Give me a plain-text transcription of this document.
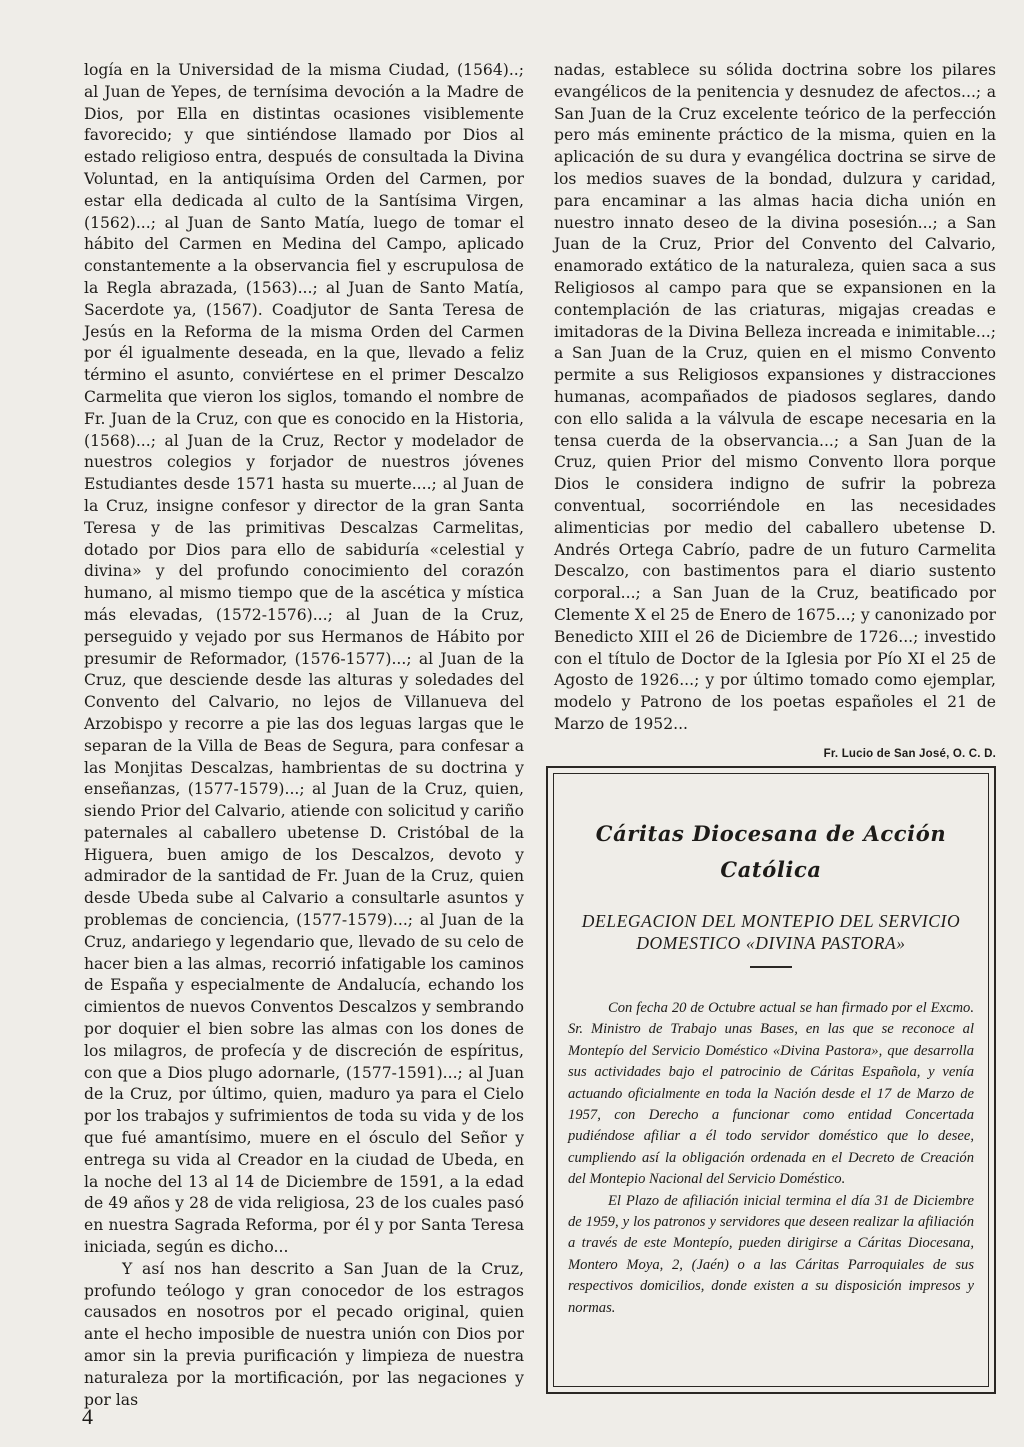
logía en la Universidad de la misma Ciudad, (1564)..; al Juan de Yepes, de ternísima devoción a la Madre de Dios, por Ella en distintas ocasiones visiblemente favorecido; y que sintiéndose llamado por Dios al estado religioso entra, después de consultada la Divina Voluntad, en la antiquísima Orden del Carmen, por estar ella dedicada al culto de la Santísima Virgen, (1562)...; al Juan de Santo Matía, luego de tomar el hábito del Carmen en Medina del Campo, aplicado constantemente a la observancia fiel y escrupulosa de la Regla abrazada, (1563)...; al Juan de Santo Matía, Sacerdote ya, (1567). Coadjutor de Santa Teresa de Jesús en la Reforma de la misma Orden del Carmen por él igualmente deseada, en la que, llevado a feliz término el asunto, conviértese en el primer Descalzo Carmelita que vieron los siglos, tomando el nombre de Fr. Juan de la Cruz, con que es conocido en la Historia, (1568)...; al Juan de la Cruz, Rector y modelador de nuestros colegios y forjador de nuestros jóvenes Estudiantes desde 1571 hasta su muerte....; al Juan de la Cruz, insigne confesor y director de la gran Santa Teresa y de las primitivas Descalzas Carmelitas, dotado por Dios para ello de sabiduría «celestial y divina» y del profundo conocimiento del corazón humano, al mismo tiempo que de la ascética y mística más elevadas, (1572-1576)...; al Juan de la Cruz, perseguido y vejado por sus Hermanos de Hábito por presumir de Reformador, (1576-1577)...; al Juan de la Cruz, que desciende desde las alturas y soledades del Convento del Calvario, no lejos de Villanueva del Arzobispo y recorre a pie las dos leguas largas que le separan de la Villa de Beas de Segura, para confesar a las Monjitas Descalzas, hambrientas de su doctrina y enseñanzas, (1577-1579)...; al Juan de la Cruz, quien, siendo Prior del Calvario, atiende con solicitud y cariño paternales al caballero ubetense D. Cristóbal de la Higuera, buen amigo de los Descalzos, devoto y admirador de la santidad de Fr. Juan de la Cruz, quien desde Ubeda sube al Calvario a consultarle asuntos y problemas de conciencia, (1577-1579)...; al Juan de la Cruz, andariego y legendario que, llevado de su celo de hacer bien a las almas, recorrió infatigable los caminos de España y especialmente de Andalucía, echando los cimientos de nuevos Conventos Descalzos y sembrando por doquier el bien sobre las almas con los dones de los milagros, de profecía y de discreción de espíritus, con que a Dios plugo adornarle, (1577-1591)...; al Juan de la Cruz, por último, quien, maduro ya para el Cielo por los trabajos y sufrimientos de toda su vida y de los que fué amantísimo, muere en el ósculo del Señor y entrega su vida al Creador en la ciudad de Ubeda, en la noche del 13 al 14 de Diciembre de 1591, a la edad de 49 años y 28 de vida religiosa, 23 de los cuales pasó en nuestra Sagrada Reforma, por él y por Santa Teresa iniciada, según es dicho...

Y así nos han descrito a San Juan de la Cruz, profundo teólogo y gran conocedor de los estragos causados en nosotros por el pecado original, quien ante el hecho imposible de nuestra unión con Dios por amor sin la previa purificación y limpieza de nuestra naturaleza por la mortificación, por las negaciones y por las

nadas, establece su sólida doctrina sobre los pilares evangélicos de la penitencia y desnudez de afectos...; a San Juan de la Cruz excelente teórico de la perfección pero más eminente práctico de la misma, quien en la aplicación de su dura y evangélica doctrina se sirve de los medios suaves de la bondad, dulzura y caridad, para encaminar a las almas hacia dicha unión en nuestro innato deseo de la divina posesión...; a San Juan de la Cruz, Prior del Convento del Calvario, enamorado extático de la naturaleza, quien saca a sus Religiosos al campo para que se expansionen en la contemplación de las criaturas, migajas creadas e imitadoras de la Divina Belleza increada e inimitable...; a San Juan de la Cruz, quien en el mismo Convento permite a sus Religiosos expansiones y distracciones humanas, acompañados de piadosos seglares, dando con ello salida a la válvula de escape necesaria en la tensa cuerda de la observancia...; a San Juan de la Cruz, quien Prior del mismo Convento llora porque Dios le considera indigno de sufrir la pobreza conventual, socorriéndole en las necesidades alimenticias por medio del caballero ubetense D. Andrés Ortega Cabrío, padre de un futuro Carmelita Descalzo, con bastimentos para el diario sustento corporal...; a San Juan de la Cruz, beatificado por Clemente X el 25 de Enero de 1675...; y canonizado por Benedicto XIII el 26 de Diciembre de 1726...; investido con el título de Doctor de la Iglesia por Pío XI el 25 de Agosto de 1926...; y por último tomado como ejemplar, modelo y Patrono de los poetas españoles el 21 de Marzo de 1952...

Fr. Lucio de San José, O. C. D.

Cáritas Diocesana de Acción Católica
DELEGACION DEL MONTEPIO DEL SERVICIO DOMESTICO «DIVINA PASTORA»

Con fecha 20 de Octubre actual se han firmado por el Excmo. Sr. Ministro de Trabajo unas Bases, en las que se reconoce al Montepío del Servicio Doméstico «Divina Pastora», que desarrolla sus actividades bajo el patrocinio de Cáritas Española, y venía actuando oficialmente en toda la Nación desde el 17 de Marzo de 1957, con Derecho a funcionar como entidad Concertada pudiéndose afiliar a él todo servidor doméstico que lo desee, cumpliendo así la obligación ordenada en el Decreto de Creación del Montepio Nacional del Servicio Doméstico.

El Plazo de afiliación inicial termina el día 31 de Diciembre de 1959, y los patronos y servidores que deseen realizar la afiliación a través de este Montepío, pueden dirigirse a Cáritas Diocesana, Montero Moya, 2, (Jaén) o a las Cáritas Parroquiales de sus respectivos domicilios, donde existen a su disposición impresos y normas.

4
